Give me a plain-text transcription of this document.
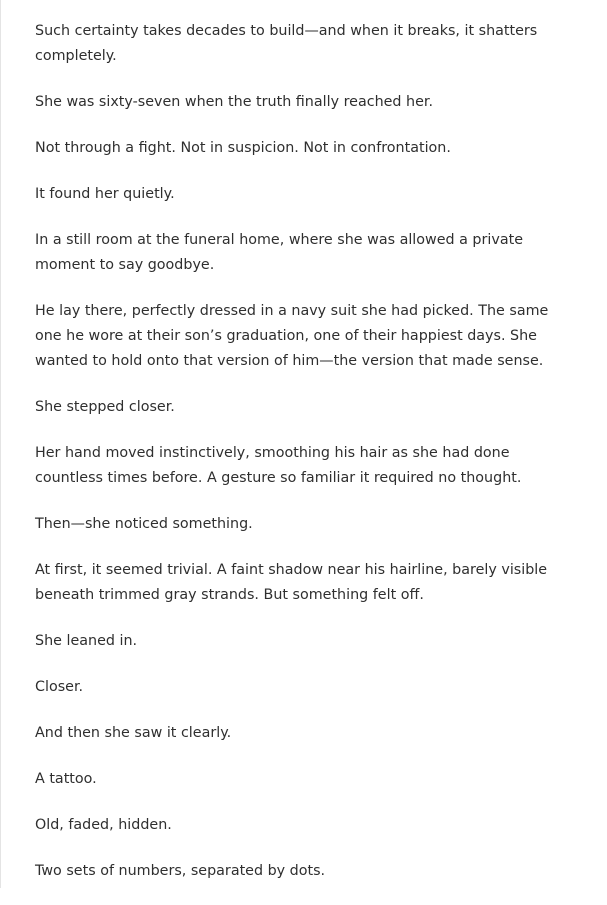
Such certainty takes decades to build—and when it breaks, it shatters completely.

She was sixty-seven when the truth finally reached her.

Not through a fight. Not in suspicion. Not in confrontation.

It found her quietly.

In a still room at the funeral home, where she was allowed a private moment to say goodbye.

He lay there, perfectly dressed in a navy suit she had picked. The same one he wore at their son’s graduation, one of their happiest days. She wanted to hold onto that version of him—the version that made sense.

She stepped closer.

Her hand moved instinctively, smoothing his hair as she had done countless times before. A gesture so familiar it required no thought.

Then—she noticed something.

At first, it seemed trivial. A faint shadow near his hairline, barely visible beneath trimmed gray strands. But something felt off.

She leaned in.

Closer.

And then she saw it clearly.

A tattoo.

Old, faded, hidden.

Two sets of numbers, separated by dots.
